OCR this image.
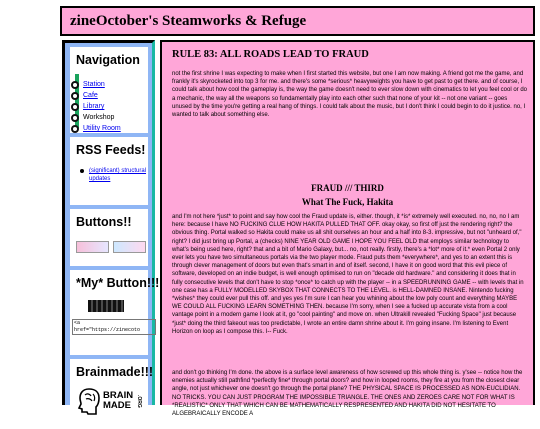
zineOctober's Steamworks & Refuge
Navigation
Station
Cafe
Library
Workshop
Utility Room
RSS Feeds!
(significant) structural updates
Buttons!!
*My* Button!!!
<a
href="https://zinecoto
Brainmade!!!
BRAIN
MADE	.ORG
RULE 83: ALL ROADS LEAD TO FRAUD

not the first shrine I was expecting to make when I first started this website, but one I am now making. A friend got me the game, and frankly it's skyrocketed into top 3 for me. and there's some *serious* heavyweights you have to get past to get there. and of course, I could talk about how cool the gameplay is, the way the game doesn't need to ever slow down with cinematics to let you feel cool or do a mechanic, the way all the weapons so fundamentally play into each other such that none of your kit -- not one variant -- goes unused by the time you're getting a real hang of things. I could talk about the music, but I don't think I could begin to do it justice. no, I wanted to talk about something else.

FRAUD /// THIRD
What The Fuck, Hakita

and I'm not here *just* to point and say how cool the Fraud update is, either. though, it *is* extremely well executed. no, no, no I am here: because I have NO FUCKING CLUE HOW HAKITA PULLED THAT OFF. okay okay, so first off just the rendering right? the obvious thing. Portal walked so Hakita could make us all shit ourselves an hour and a half into 8-3. impressive, but not "unheard of," right? I did just bring up Portal, a (checks) NINE YEAR OLD GAME I HOPE YOU FEEL OLD that employs similar technology to what's being used here, right? that and a bit of Mario Galaxy, but... no, not really. firstly, there's a *lot* more of it.* even Portal 2 only ever lets you have two simultaneous portals via the two player mode. Fraud puts them *everywhere*, and yes to an extent this is through clever management of doors but even that's smart in and of itself. second, I have it on good word that this evil piece of software, developed on an indie budget, is well enough optimised to run on "decade old hardware." and considering it does that in fully consecutive levels that don't have to stop *once* to catch up with the player -- in a SPEEDRUNNING GAME -- with levels that in one case has a FULLY MODELLED SKYBOX THAT CONNECTS TO THE LEVEL. is HELL-DAMNED INSANE. Nintendo fucking *wishes* they could ever pull this off. and yes yes I'm sure I can hear you whining about the low poly count and everything MAYBE WE COULD ALL FUCKING LEARN SOMETHING THEN. because I'm sorry, when I see a fucked up accurate vista from a cool vantage point in a modern game I look at it, go "cool painting" and move on. when Ultrakill revealed "Fucking Space" just because *just* doing the third fakeout was too predictable, I wrote an entire damn shrine about it. I'm going insane. I'm listening to Event Horizon on loop as I compose this. I-- Fuck.

and don't go thinking I'm done. the above is a surface level awareness of how screwed up this whole thing is. y'see -- notice how the enemies actually still pathfind *perfectly fine* through portal doors? and how in looped rooms, they fire at you from the closest clear angle, not just whichever one doesn't go through the portal plane? THE PHYSICAL SPACE IS PROCESSED AS NON-EUCLIDIAN. NO TRICKS. YOU CAN JUST PROGRAM THE IMPOSSIBLE TRIANGLE. THE ONES AND ZEROES CARE NOT FOR WHAT IS *REALISTIC* ONLY THAT WHICH CAN BE MATHEMATICALLY RESPRESENTED AND HAKITA DID NOT HESITATE TO ALGEBRAICALLY ENCODE A
